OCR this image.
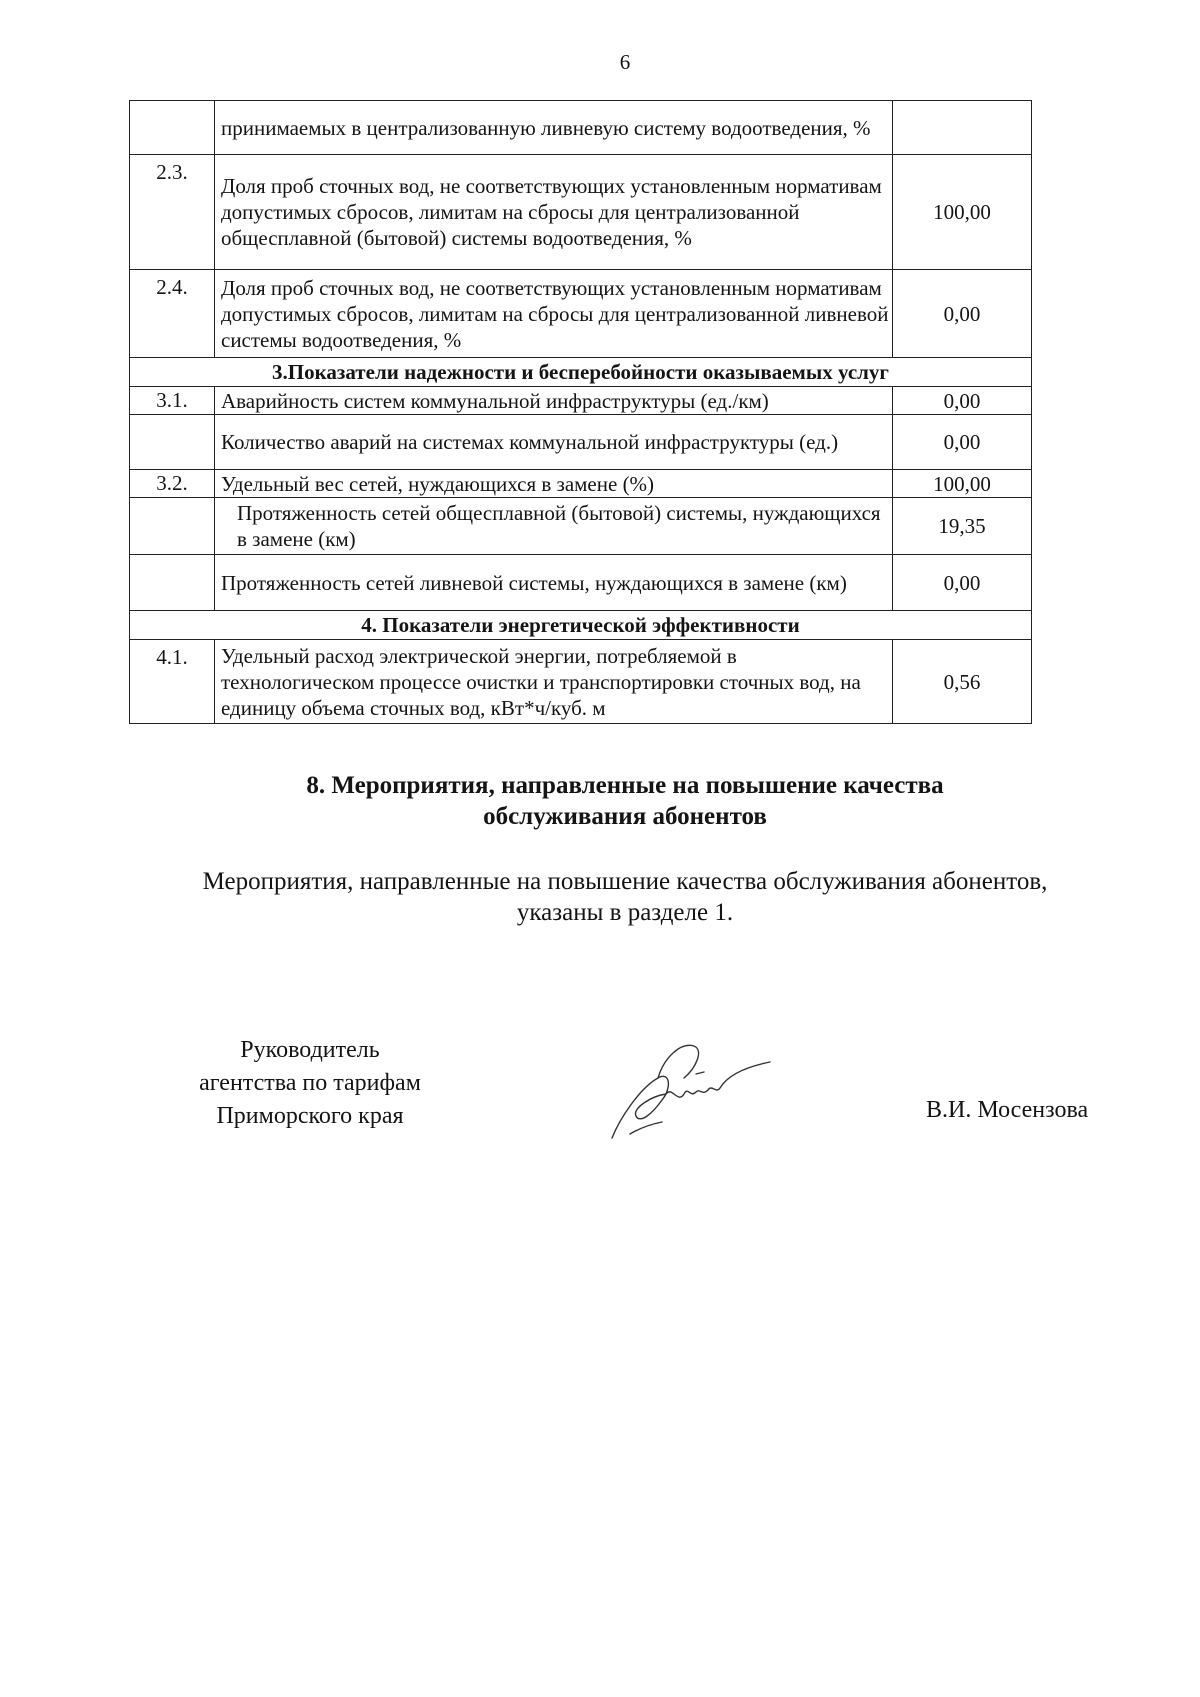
6
	принимаемых в централизованную ливневую систему водоотведения, %	
2.3.	Доля проб сточных вод, не соответствующих установленным нормативам допустимых сбросов, лимитам на сбросы для централизованной общесплавной (бытовой) системы водоотведения, %	100,00
2.4.	Доля проб сточных вод, не соответствующих установленным нормативам допустимых сбросов, лимитам на сбросы для централизованной ливневой системы водоотведения, %	0,00
3.Показатели надежности и бесперебойности оказываемых услуг		
3.1.	Аварийность систем коммунальной инфраструктуры (ед./км)	0,00
	Количество аварий на системах коммунальной инфраструктуры (ед.)	0,00
3.2.	Удельный вес сетей, нуждающихся в замене (%)	100,00
	Протяженность сетей общесплавной (бытовой) системы, нуждающихся в замене (км)	19,35
	Протяженность сетей ливневой системы, нуждающихся в замене (км)	0,00
4. Показатели энергетической эффективности		
4.1.	Удельный расход электрической энергии, потребляемой в технологическом процессе очистки и транспортировки сточных вод, на единицу объема сточных вод, кВт*ч/куб. м	0,56
8. Мероприятия, направленные на повышение качества
обслуживания абонентов
Мероприятия, направленные на повышение качества обслуживания абонентов,
указаны в разделе 1.
Руководитель
агентства по тарифам
Приморского края	В.И. Мосензова
